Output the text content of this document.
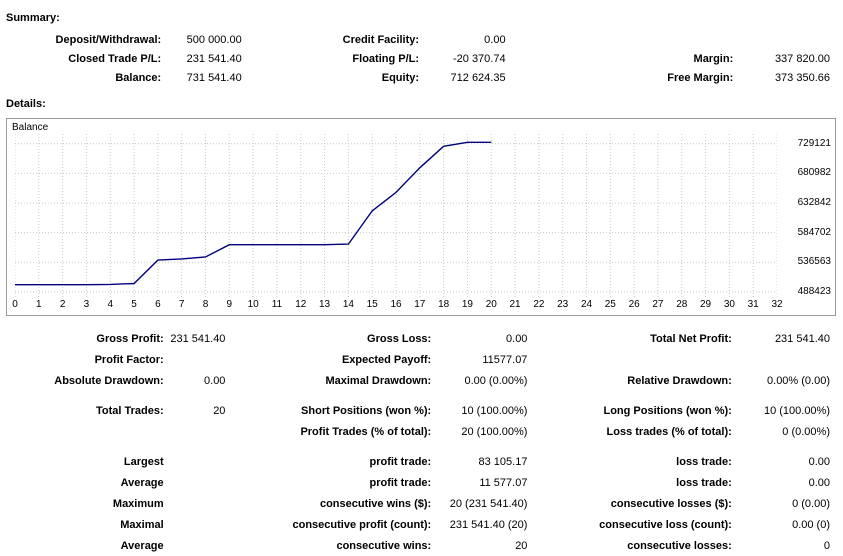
Summary:
Deposit/Withdrawal:	500 000.00		Credit Facility:	0.00			
Closed Trade P/L:	231 541.40		Floating P/L:	-20 370.74		Margin:	337 820.00
Balance:	731 541.40		Equity:	712 624.35		Free Margin:	373 350.66
Details:
Balance
488423
536563
584702
632842
680982
729121
0 1 2 3 4 5 6 7 8 9 10 11 12 13 14 15 16 17 18 19 20 21 22 23 24 25 26 27 28 29 30 31 32
Gross Profit:	231 541.40		Gross Loss:	0.00		Total Net Profit:	231 541.40
Profit Factor:			Expected Payoff:	11577.07			
Absolute Drawdown:	0.00		Maximal Drawdown:	0.00 (0.00%)		Relative Drawdown:	0.00% (0.00)

Total Trades:	20		Short Positions (won %):	10 (100.00%)		Long Positions (won %):	10 (100.00%)
			Profit Trades (% of total):	20 (100.00%)		Loss trades (% of total):	0 (0.00%)

Largest			profit trade:	83 105.17		loss trade:	0.00
Average			profit trade:	11 577.07		loss trade:	0.00
Maximum			consecutive wins ($):	20 (231 541.40)		consecutive losses ($):	0 (0.00)
Maximal			consecutive profit (count):	231 541.40 (20)		consecutive loss (count):	0.00 (0)
Average			consecutive wins:	20		consecutive losses:	0
